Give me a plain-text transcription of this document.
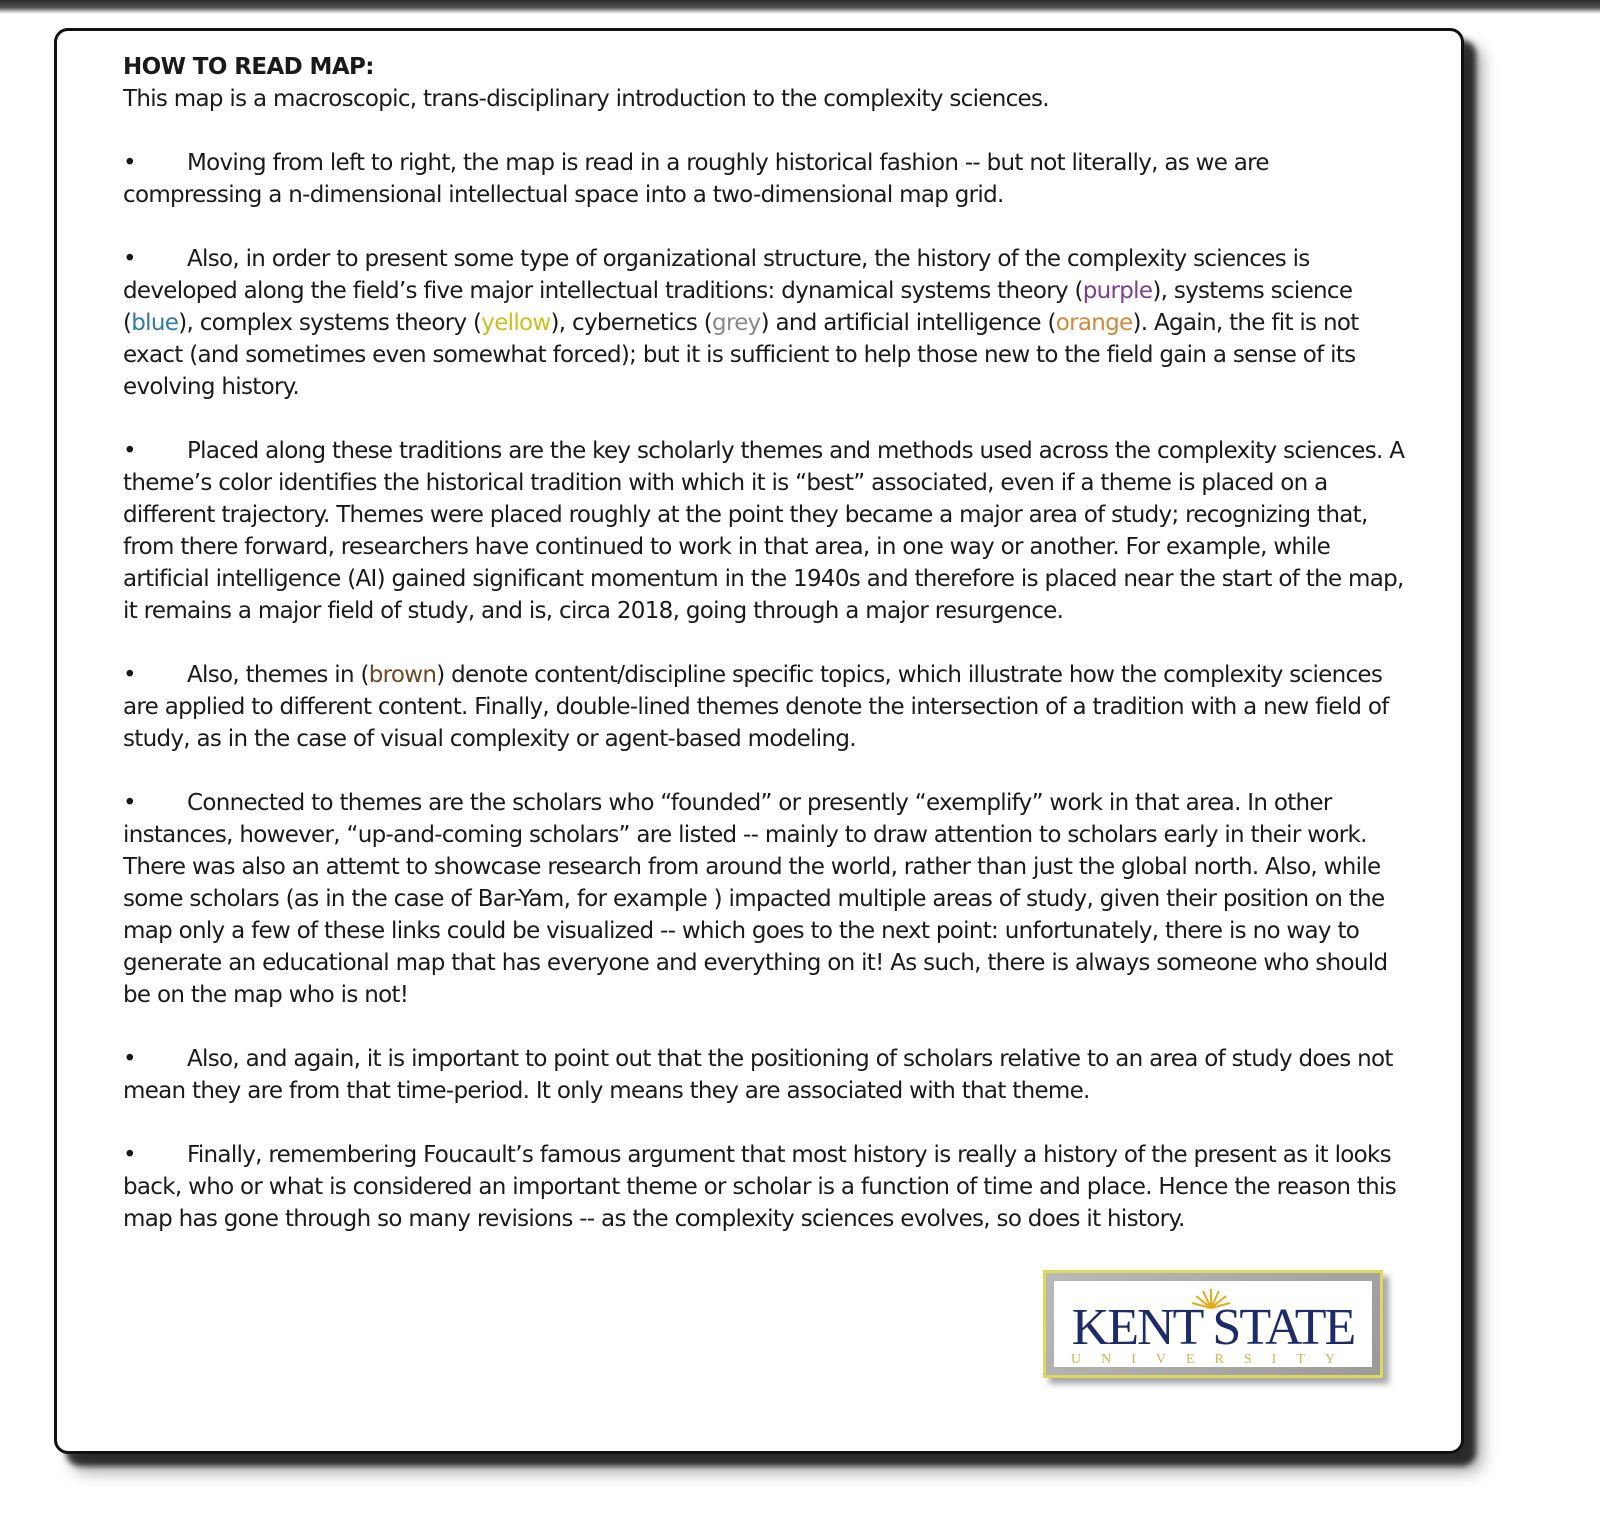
HOW TO READ MAP:

This map is a macroscopic, trans-disciplinary introduction to the complexity sciences.

• Moving from left to right, the map is read in a roughly historical fashion -- but not literally, as we are compressing a n-dimensional intellectual space into a two-dimensional map grid.

• Also, in order to present some type of organizational structure, the history of the complexity sciences is developed along the field’s five major intellectual traditions: dynamical systems theory (purple), systems science (blue), complex systems theory (yellow), cybernetics (grey) and artificial intelligence (orange). Again, the fit is not exact (and sometimes even somewhat forced); but it is sufficient to help those new to the field gain a sense of its evolving history.

• Placed along these traditions are the key scholarly themes and methods used across the complexity sciences. A theme’s color identifies the historical tradition with which it is “best” associated, even if a theme is placed on a different trajectory. Themes were placed roughly at the point they became a major area of study; recognizing that, from there forward, researchers have continued to work in that area, in one way or another. For example, while artificial intelligence (AI) gained significant momentum in the 1940s and therefore is placed near the start of the map, it remains a major field of study, and is, circa 2018, going through a major resurgence.

• Also, themes in (brown) denote content/discipline specific topics, which illustrate how the complexity sciences are applied to different content. Finally, double-lined themes denote the intersection of a tradition with a new field of study, as in the case of visual complexity or agent-based modeling.

• Connected to themes are the scholars who “founded” or presently “exemplify” work in that area. In other instances, however, “up-and-coming scholars” are listed -- mainly to draw attention to scholars early in their work. There was also an attemt to showcase research from around the world, rather than just the global north. Also, while some scholars (as in the case of Bar-Yam, for example ) impacted multiple areas of study, given their position on the map only a few of these links could be visualized -- which goes to the next point: unfortunately, there is no way to generate an educational map that has everyone and everything on it! As such, there is always someone who should be on the map who is not!

• Also, and again, it is important to point out that the positioning of scholars relative to an area of study does not mean they are from that time-period. It only means they are associated with that theme.

• Finally, remembering Foucault’s famous argument that most history is really a history of the present as it looks back, who or what is considered an important theme or scholar is a function of time and place. Hence the reason this map has gone through so many revisions -- as the complexity sciences evolves, so does it history.

KENT STATE
UNIVERSITY
